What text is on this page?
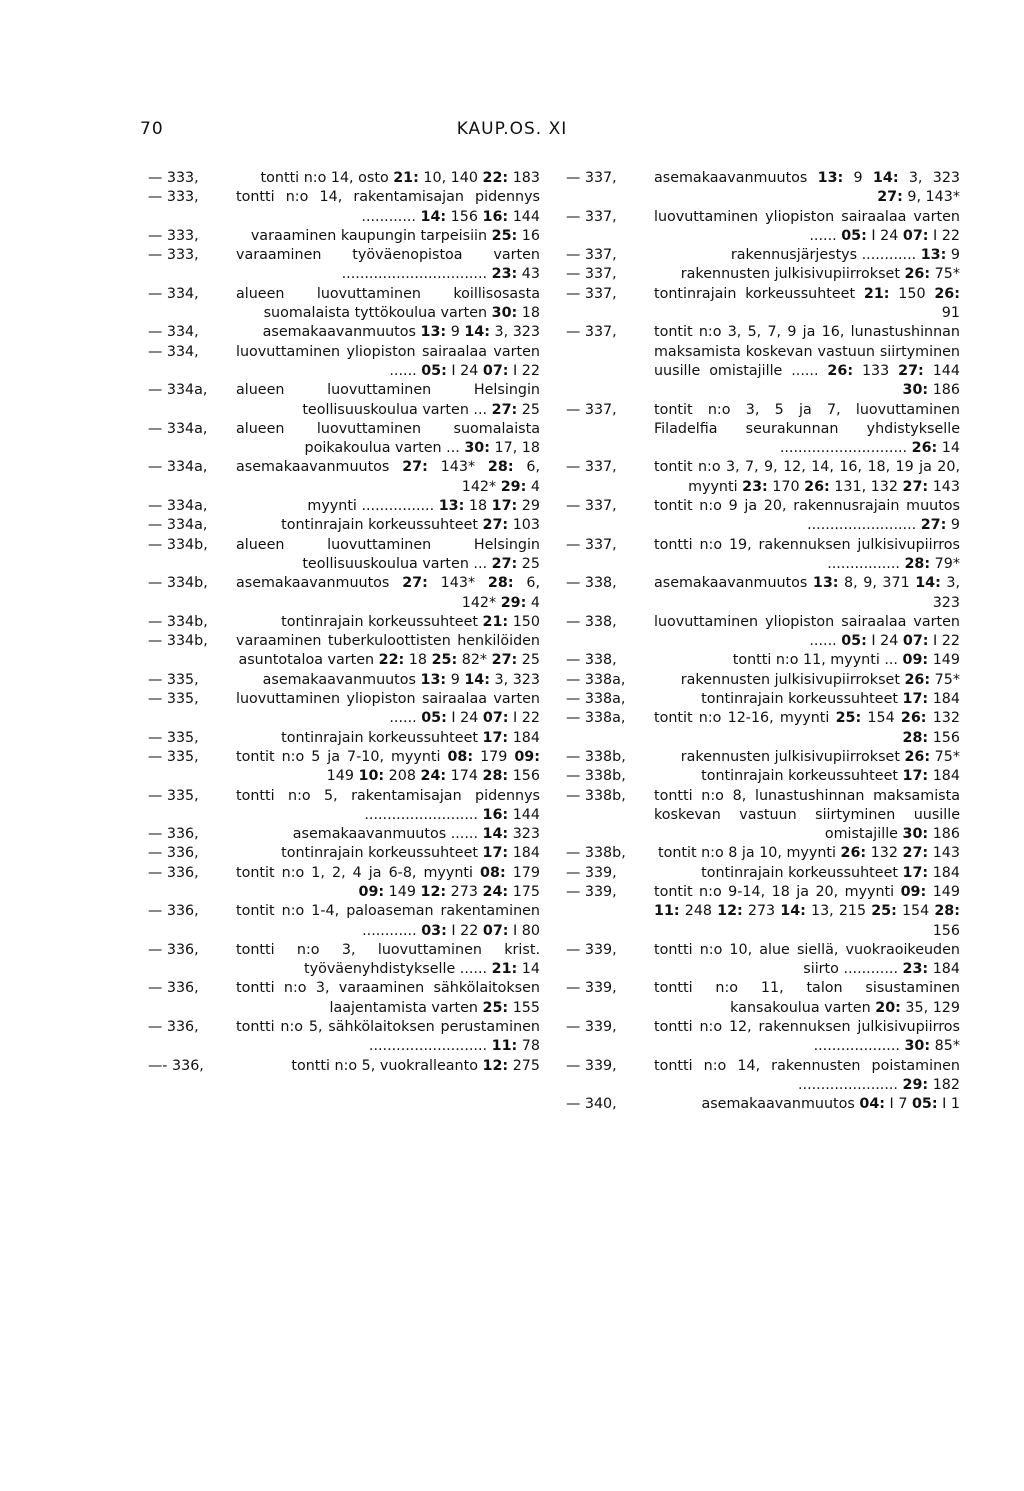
KAUP.OS. XI
70
— 333,	tontti n:o 14, osto 21: 10, 140 22: 183
— 333,	tontti n:o 14, rakentamisajan pidennys ............ 14: 156 16: 144
— 333,	varaaminen kaupungin tarpeisiin 25: 16
— 333,	varaaminen työväenopistoa varten ................................ 23: 43
— 334,	alueen luovuttaminen koillisosasta suomalaista tyttökoulua varten 30: 18
— 334,	asemakaavanmuutos 13: 9 14: 3, 323
— 334,	luovuttaminen yliopiston sairaalaa varten ...... 05: I 24 07: I 22
— 334a,	alueen luovuttaminen Helsingin teollisuuskoulua varten ... 27: 25
— 334a,	alueen luovuttaminen suomalaista poikakoulua varten ... 30: 17, 18
— 334a,	asemakaavanmuutos 27: 143* 28: 6, 142* 29: 4
— 334a,	myynti ................ 13: 18 17: 29
— 334a,	tontinrajain korkeussuhteet 27: 103
— 334b,	alueen luovuttaminen Helsingin teollisuuskoulua varten ... 27: 25
— 334b,	asemakaavanmuutos 27: 143* 28: 6, 142* 29: 4
— 334b,	tontinrajain korkeussuhteet 21: 150
— 334b,	varaaminen tuberkuloottisten henkilöiden asuntotaloa varten 22: 18 25: 82* 27: 25
— 335,	asemakaavanmuutos 13: 9 14: 3, 323
— 335,	luovuttaminen yliopiston sairaalaa varten ...... 05: I 24 07: I 22
— 335,	tontinrajain korkeussuhteet 17: 184
— 335,	tontit n:o 5 ja 7-10, myynti 08: 179 09: 149 10: 208 24: 174 28: 156
— 335,	tontti n:o 5, rakentamisajan pidennys ......................... 16: 144
— 336,	asemakaavanmuutos ...... 14: 323
— 336,	tontinrajain korkeussuhteet 17: 184
— 336,	tontit n:o 1, 2, 4 ja 6-8, myynti 08: 179 09: 149 12: 273 24: 175
— 336,	tontit n:o 1-4, paloaseman rakentaminen ............ 03: I 22 07: I 80
— 336,	tontti n:o 3, luovuttaminen krist. työväenyhdistykselle ...... 21: 14
— 336,	tontti n:o 3, varaaminen sähkölaitoksen laajentamista varten 25: 155
— 336,	tontti n:o 5, sähkölaitoksen perustaminen .......................... 11: 78
—- 336,	tontti n:o 5, vuokralleanto 12: 275
— 337,	asemakaavanmuutos 13: 9 14: 3, 323 27: 9, 143*
— 337,	luovuttaminen yliopiston sairaalaa varten ...... 05: I 24 07: I 22
— 337,	rakennusjärjestys ............ 13: 9
— 337,	rakennusten julkisivupiirrokset 26: 75*
— 337,	tontinrajain korkeussuhteet 21: 150 26: 91
— 337,	tontit n:o 3, 5, 7, 9 ja 16, lunastushinnan maksamista koskevan vastuun siirtyminen uusille omistajille ...... 26: 133 27: 144 30: 186
— 337,	tontit n:o 3, 5 ja 7, luovuttaminen Filadelfia seurakunnan yhdistykselle ............................ 26: 14
— 337,	tontit n:o 3, 7, 9, 12, 14, 16, 18, 19 ja 20, myynti 23: 170 26: 131, 132 27: 143
— 337,	tontit n:o 9 ja 20, rakennusrajain muutos ........................ 27: 9
— 337,	tontti n:o 19, rakennuksen julkisivupiirros ................ 28: 79*
— 338,	asemakaavanmuutos 13: 8, 9, 371 14: 3, 323
— 338,	luovuttaminen yliopiston sairaalaa varten ...... 05: I 24 07: I 22
— 338,	tontti n:o 11, myynti ... 09: 149
— 338a,	rakennusten julkisivupiirrokset 26: 75*
— 338a,	tontinrajain korkeussuhteet 17: 184
— 338a,	tontit n:o 12-16, myynti 25: 154 26: 132 28: 156
— 338b,	rakennusten julkisivupiirrokset 26: 75*
— 338b,	tontinrajain korkeussuhteet 17: 184
— 338b,	tontti n:o 8, lunastushinnan maksamista koskevan vastuun siirtyminen uusille omistajille 30: 186
— 338b,	tontit n:o 8 ja 10, myynti 26: 132 27: 143
— 339,	tontinrajain korkeussuhteet 17: 184
— 339,	tontit n:o 9-14, 18 ja 20, myynti 09: 149 11: 248 12: 273 14: 13, 215 25: 154 28: 156
— 339,	tontti n:o 10, alue siellä, vuokraoikeuden siirto ............ 23: 184
— 339,	tontti n:o 11, talon sisustaminen kansakoulua varten 20: 35, 129
— 339,	tontti n:o 12, rakennuksen julkisivupiirros ................... 30: 85*
— 339,	tontti n:o 14, rakennusten poistaminen ...................... 29: 182
— 340,	asemakaavanmuutos 04: I 7 05: I 1
